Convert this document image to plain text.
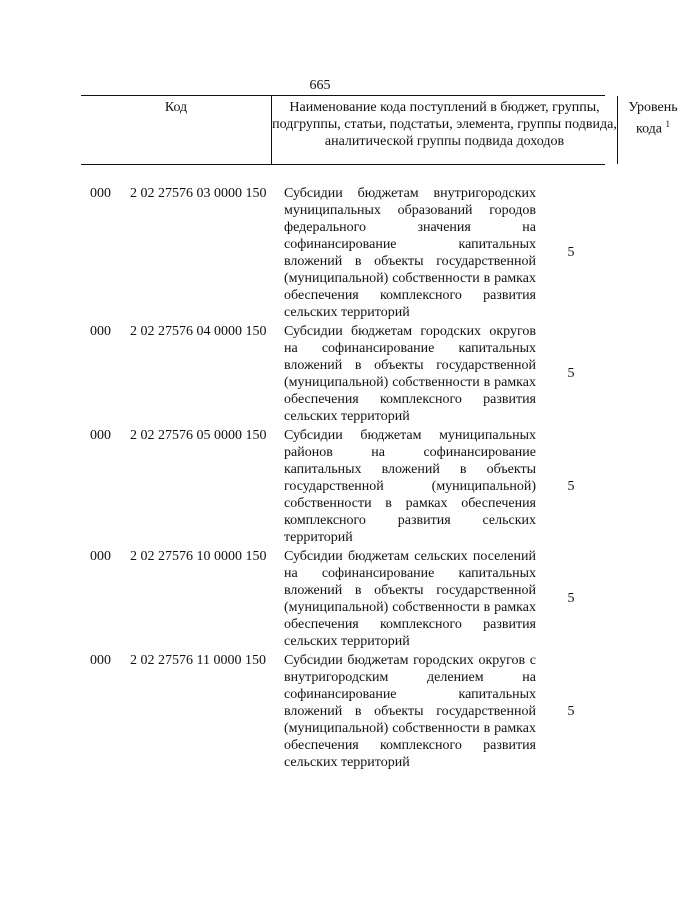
665
Код	Наименование кода поступлений в бюджет, группы, подгруппы, статьи, подстатьи, элемента, группы подвида, аналитической группы подвида доходов
Уровень кода $^1$
000 2 02 27576 03 0000 150 Субсидии бюджетам внутригородских муниципальных образований городов федерального значения на софинансирование капитальных вложений в объекты государственной (муниципальной) собственности в рамках обеспечения комплексного развития сельских территорий
5
000 2 02 27576 04 0000 150 Субсидии бюджетам городских округов на софинансирование капитальных вложений в объекты государственной (муниципальной) собственности в рамках обеспечения комплексного развития сельских территорий
5
000 2 02 27576 05 0000 150 Субсидии бюджетам муниципальных районов на софинансирование капитальных вложений в объекты государственной (муниципальной) собственности в рамках обеспечения комплексного развития сельских территорий
5
000 2 02 27576 10 0000 150 Субсидии бюджетам сельских поселений на софинансирование капитальных вложений в объекты государственной (муниципальной) собственности в рамках обеспечения комплексного развития сельских территорий
5
000 2 02 27576 11 0000 150 Субсидии бюджетам городских округов с внутригородским делением на софинансирование капитальных вложений в объекты государственной (муниципальной) собственности в рамках обеспечения комплексного развития сельских территорий
5
